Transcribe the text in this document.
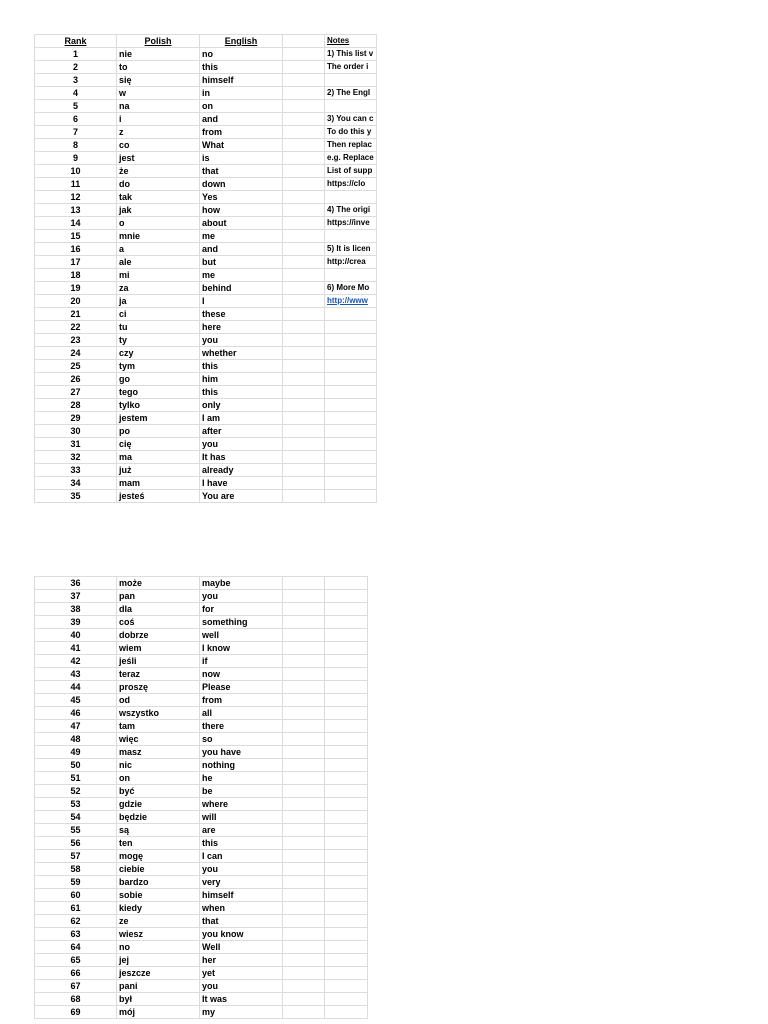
Rank	Polish	English		Notes
1	nie	no		1) This list v
2	to	this		The order i
3	się	himself		
4	w	in		2) The Engl
5	na	on		
6	i	and		3) You can c
7	z	from		To do this y
8	co	What		Then replac
9	jest	is		e.g. Replace
10	że	that		List of supp
11	do	down		https://clo
12	tak	Yes		
13	jak	how		4) The origi
14	o	about		https://inve
15	mnie	me		
16	a	and		5) It is licen
17	ale	but		http://crea
18	mi	me		
19	za	behind		6) More Mo
20	ja	I		http://www
21	ci	these		
22	tu	here		
23	ty	you		
24	czy	whether		
25	tym	this		
26	go	him		
27	tego	this		
28	tylko	only		
29	jestem	I am		
30	po	after		
31	cię	you		
32	ma	It has		
33	już	already		
34	mam	I have		
35	jesteś	You are		
36	może	maybe		
37	pan	you		
38	dla	for		
39	coś	something		
40	dobrze	well		
41	wiem	I know		
42	jeśli	if		
43	teraz	now		
44	proszę	Please		
45	od	from		
46	wszystko	all		
47	tam	there		
48	więc	so		
49	masz	you have		
50	nic	nothing		
51	on	he		
52	być	be		
53	gdzie	where		
54	będzie	will		
55	są	are		
56	ten	this		
57	mogę	I can		
58	ciebie	you		
59	bardzo	very		
60	sobie	himself		
61	kiedy	when		
62	ze	that		
63	wiesz	you know		
64	no	Well		
65	jej	her		
66	jeszcze	yet		
67	pani	you		
68	był	It was		
69	mój	my		
